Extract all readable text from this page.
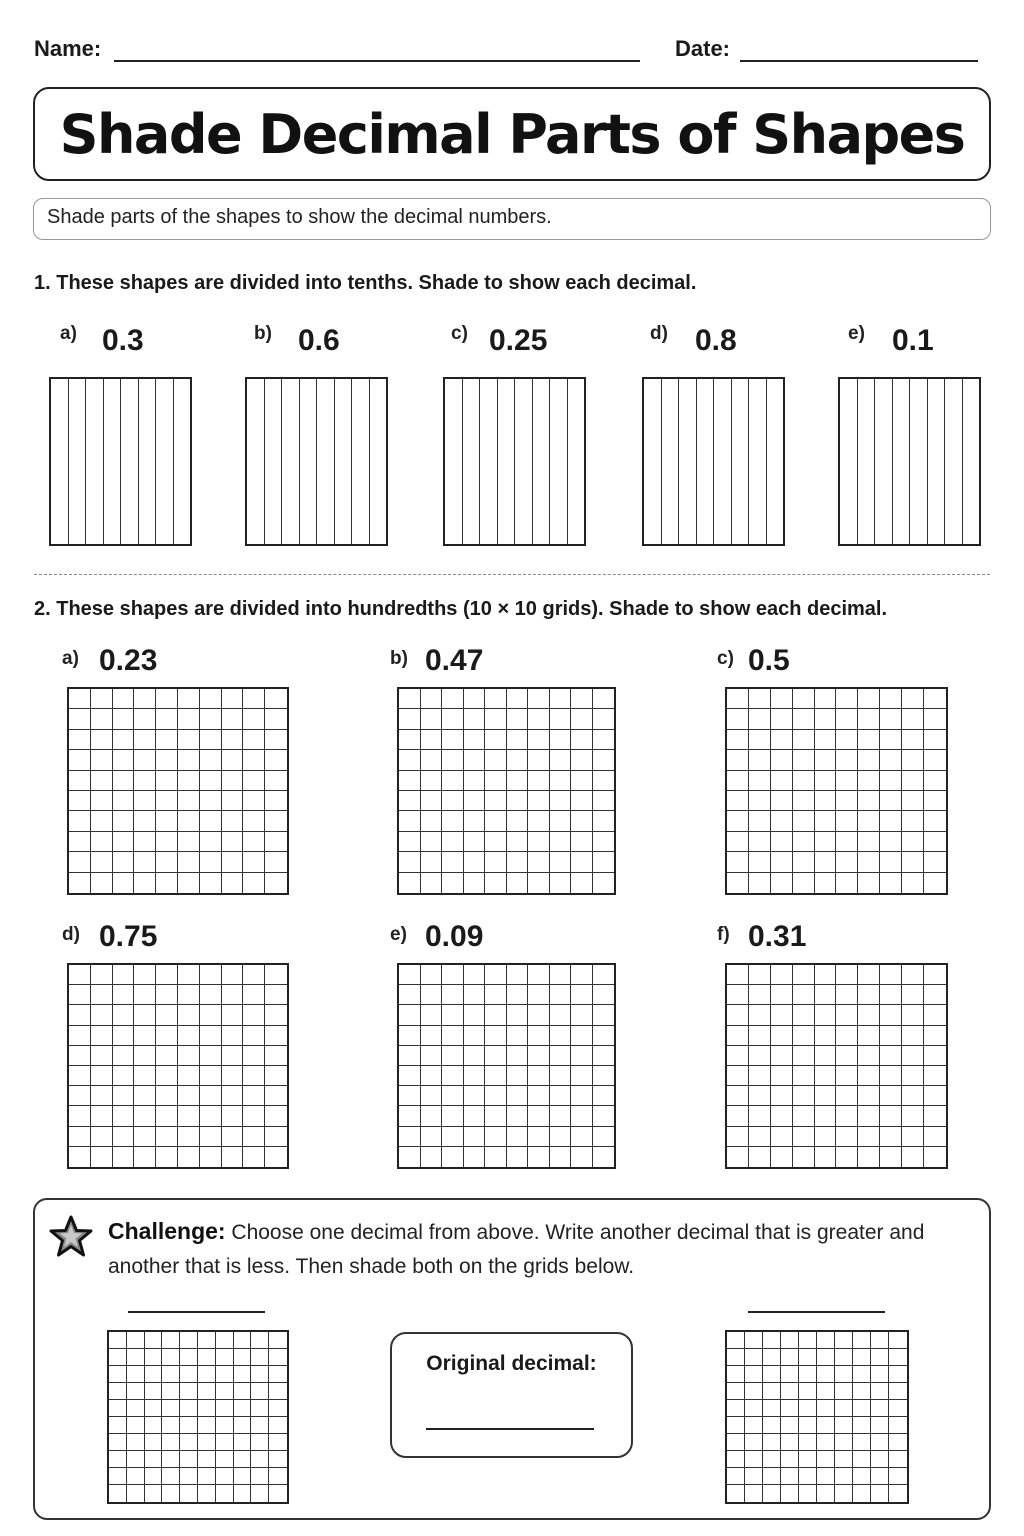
Name:	Date:
Shade Decimal Parts of Shapes
Shade parts of the shapes to show the decimal numbers.
1. These shapes are divided into tenths. Shade to show each decimal.
a) 0.3	b) 0.6	c) 0.25	d) 0.8	e) 0.1
2. These shapes are divided into hundredths (10 × 10 grids). Shade to show each decimal.
a) 0.23	b) 0.47	c) 0.5
d) 0.75	e) 0.09	f) 0.31
Challenge: Choose one decimal from above. Write another decimal that is greater and another that is less. Then shade both on the grids below.
Original decimal:
